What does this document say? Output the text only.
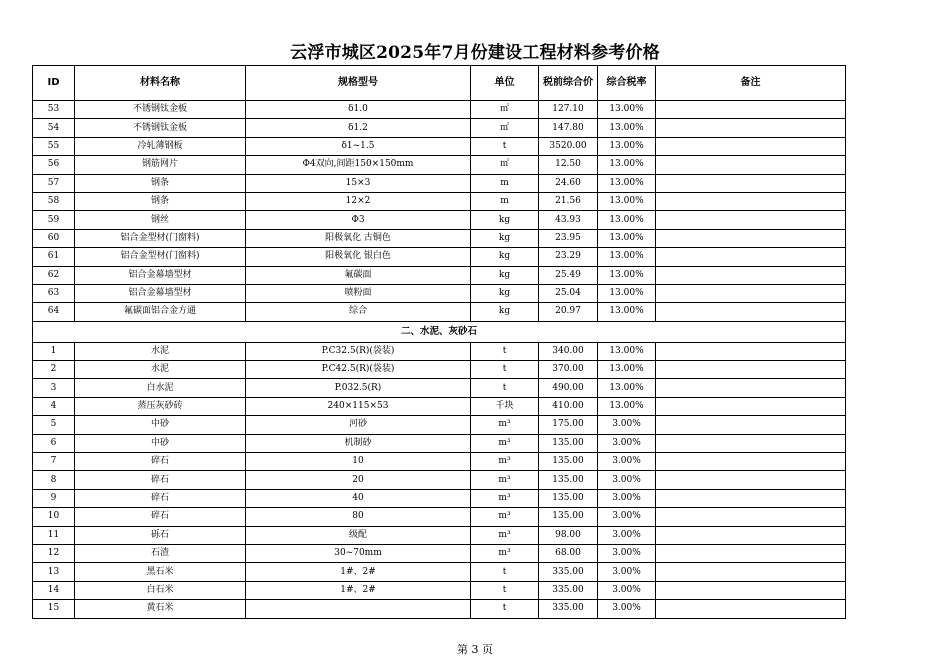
云浮市城区2025年7月份建设工程材料参考价格
ID	材料名称	规格型号	单位	税前综合价	综合税率	备注
53	不锈钢钛金板	δ1.0	㎡	127.10	13.00%	
54	不锈钢钛金板	δ1.2	㎡	147.80	13.00%	
55	冷轧薄钢板	δ1~1.5	t	3520.00	13.00%	
56	钢筋网片	Φ4双向,间距150×150mm	㎡	12.50	13.00%	
57	钢条	15×3	m	24.60	13.00%	
58	钢条	12×2	m	21.56	13.00%	
59	钢丝	Φ3	kg	43.93	13.00%	
60	铝合金型材(门窗料)	阳极氧化 古铜色	kg	23.95	13.00%	
61	铝合金型材(门窗料)	阳极氧化 银白色	kg	23.29	13.00%	
62	铝合金幕墙型材	氟碳面	kg	25.49	13.00%	
63	铝合金幕墙型材	喷粉面	kg	25.04	13.00%	
64	氟碳面铝合金方通	综合	kg	20.97	13.00%	
二、水泥、灰砂石						
1	水泥	P.C32.5(R)(袋装)	t	340.00	13.00%	
2	水泥	P.C42.5(R)(袋装)	t	370.00	13.00%	
3	白水泥	P.032.5(R)	t	490.00	13.00%	
4	蒸压灰砂砖	240×115×53	千块	410.00	13.00%	
5	中砂	河砂	m³	175.00	3.00%	
6	中砂	机制砂	m³	135.00	3.00%	
7	碎石	10	m³	135.00	3.00%	
8	碎石	20	m³	135.00	3.00%	
9	碎石	40	m³	135.00	3.00%	
10	碎石	80	m³	135.00	3.00%	
11	砾石	级配	m³	98.00	3.00%	
12	石渣	30~70mm	m³	68.00	3.00%	
13	黑石米	1#、2#	t	335.00	3.00%	
14	白石米	1#、2#	t	335.00	3.00%	
15	黄石米		t	335.00	3.00%	
第 3 页
